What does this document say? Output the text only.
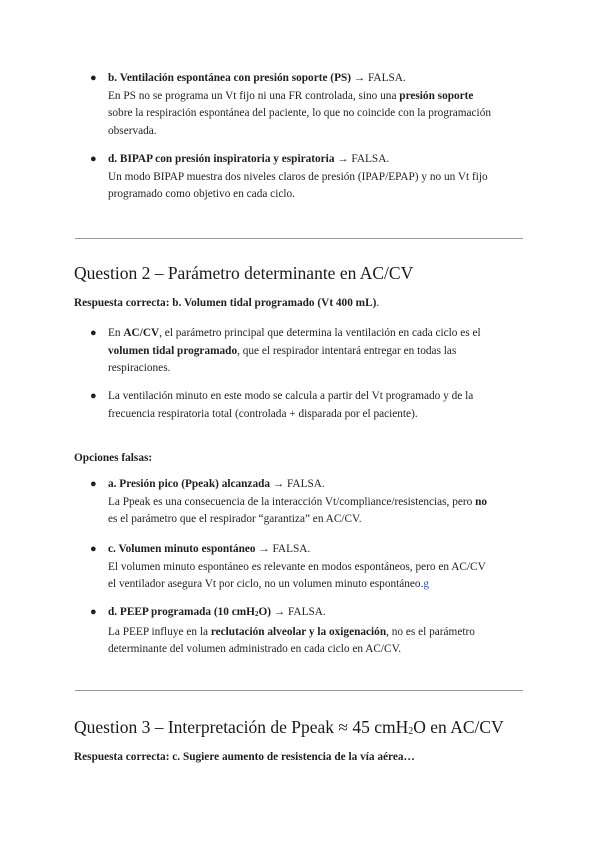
● b. Ventilación espontánea con presión soporte (PS) → FALSA.
En PS no se programa un Vt fijo ni una FR controlada, sino una presión soporte
sobre la respiración espontánea del paciente, lo que no coincide con la programación
observada.
● d. BIPAP con presión inspiratoria y espiratoria → FALSA.
Un modo BIPAP muestra dos niveles claros de presión (IPAP/EPAP) y no un Vt fijo
programado como objetivo en cada ciclo.
Question 2 – Parámetro determinante en AC/CV
Respuesta correcta: b. Volumen tidal programado (Vt 400 mL).
● En AC/CV, el parámetro principal que determina la ventilación en cada ciclo es el
volumen tidal programado, que el respirador intentará entregar en todas las
respiraciones.
● La ventilación minuto en este modo se calcula a partir del Vt programado y de la
frecuencia respiratoria total (controlada + disparada por el paciente).
Opciones falsas:
● a. Presión pico (Ppeak) alcanzada → FALSA.
La Ppeak es una consecuencia de la interacción Vt/compliance/resistencias, pero no
es el parámetro que el respirador “garantiza” en AC/CV.
● c. Volumen minuto espontáneo → FALSA.
El volumen minuto espontáneo es relevante en modos espontáneos, pero en AC/CV
el ventilador asegura Vt por ciclo, no un volumen minuto espontáneo.g
● d. PEEP programada (10 cmH2O) → FALSA.
La PEEP influye en la reclutación alveolar y la oxigenación, no es el parámetro
determinante del volumen administrado en cada ciclo en AC/CV.
Question 3 – Interpretación de Ppeak ≈ 45 cmH2O en AC/CV
Respuesta correcta: c. Sugiere aumento de resistencia de la vía aérea…
